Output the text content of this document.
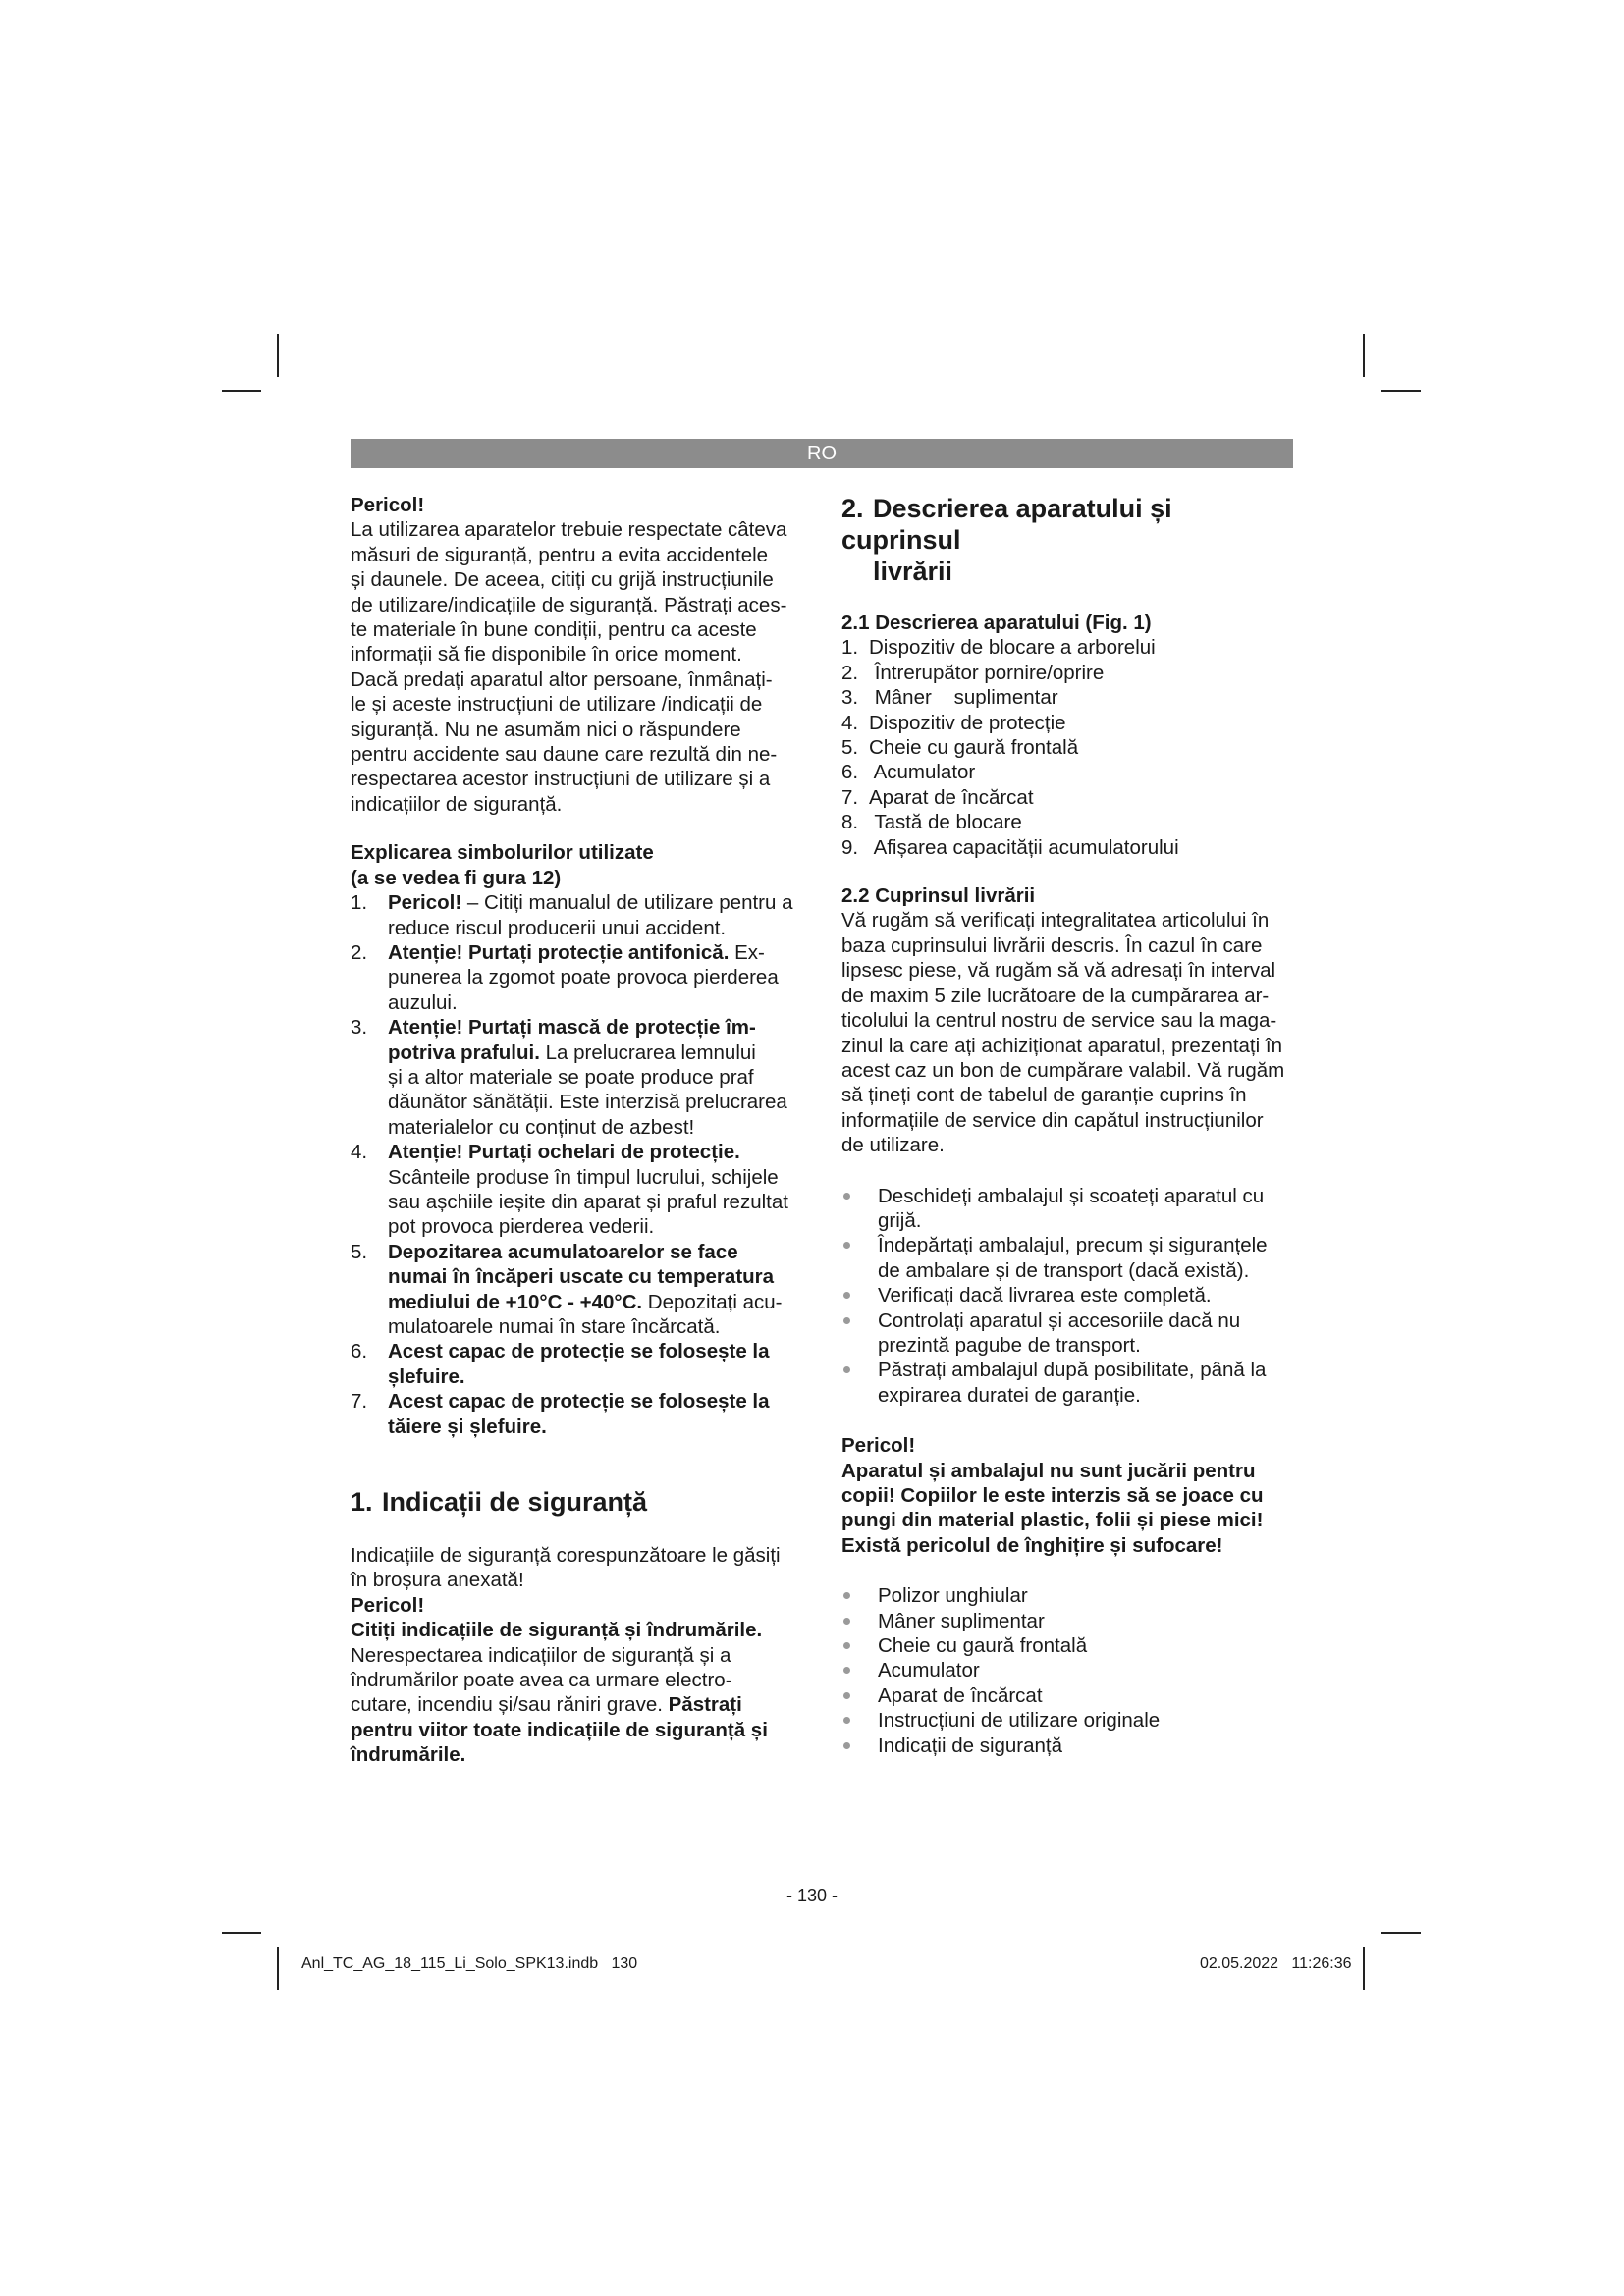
RO

Pericol!

La utilizarea aparatelor trebuie respectate câteva

măsuri de siguranță, pentru a evita accidentele

și daunele. De aceea, citiți cu grijă instrucțiunile

de utilizare/indicațiile de siguranță. Păstrați aces-

te materiale în bune condiții, pentru ca aceste

informații să fie disponibile în orice moment.

Dacă predați aparatul altor persoane, înmânați-

le și aceste instrucțiuni de utilizare /indicații de

siguranță. Nu ne asumăm nici o răspundere

pentru accidente sau daune care rezultă din ne-

respectarea acestor instrucțiuni de utilizare și a

indicațiilor de siguranță.

Explicarea simbolurilor utilizate

(a se vedea fi gura 12)

1. Pericol! – Citiți manualul de utilizare pentru a
reduce riscul producerii unui accident.
2. Atenție! Purtați protecție antifonică. Ex-
punerea la zgomot poate provoca pierderea
auzului.
3. Atenție! Purtați mască de protecție îm-
potriva prafului. La prelucrarea lemnului
și a altor materiale se poate produce praf
dăunător sănătății. Este interzisă prelucrarea
materialelor cu conținut de azbest!
4. Atenție! Purtați ochelari de protecție.
Scânteile produse în timpul lucrului, schijele
sau așchiile ieșite din aparat și praful rezultat
pot provoca pierderea vederii.
5. Depozitarea acumulatoarelor se face
numai în încăperi uscate cu temperatura
mediului de +10°C - +40°C. Depozitați acu-
mulatoarele numai în stare încărcată.
6. Acest capac de protecție se folosește la
șlefuire.
7. Acest capac de protecție se folosește la
tăiere și șlefuire.
1. Indicații de siguranță

Indicațiile de siguranță corespunzătoare le găsiți

în broșura anexată!

Pericol!

Citiți indicațiile de siguranță și îndrumările.

Nerespectarea indicațiilor de siguranță și a

îndrumărilor poate avea ca urmare electro-

cutare, incendiu și/sau răniri grave. Păstrați

pentru viitor toate indicațiile de siguranță și

îndrumările.

2. Descrierea aparatului și cuprinsul
livrării

2.1 Descrierea aparatului (Fig. 1)

1. Dispozitiv de blocare a arborelui
2. Întrerupător pornire/oprire
3. Mâner    suplimentar
4. Dispozitiv de protecție
5. Cheie cu gaură frontală
6. Acumulator
7. Aparat de încărcat
8. Tastă de blocare
9. Afișarea capacității acumulatorului

2.2 Cuprinsul livrării

Vă rugăm să verificați integralitatea articolului în

baza cuprinsului livrării descris. În cazul în care

lipsesc piese, vă rugăm să vă adresați în interval

de maxim 5 zile lucrătoare de la cumpărarea ar-

ticolului la centrul nostru de service sau la maga-

zinul la care ați achiziționat aparatul, prezentați în

acest caz un bon de cumpărare valabil. Vă rugăm

să țineți cont de tabelul de garanție cuprins în

informațiile de service din capătul instrucțiunilor

de utilizare.

Deschideți ambalajul și scoateți aparatul cu
grijă.
Îndepărtați ambalajul, precum și siguranțele
de ambalare și de transport (dacă există).
Verificați dacă livrarea este completă.
Controlați aparatul și accesoriile dacă nu
prezintă pagube de transport.
Păstrați ambalajul după posibilitate, până la
expirarea duratei de garanție.

Pericol!

Aparatul și ambalajul nu sunt jucării pentru

copii! Copiilor le este interzis să se joace cu

pungi din material plastic, folii și piese mici!

Există pericolul de înghițire și sufocare!

Polizor unghiular
Mâner suplimentar
Cheie cu gaură frontală
Acumulator
Aparat de încărcat
Instrucțiuni de utilizare originale
Indicații de siguranță
- 130 -
Anl_TC_AG_18_115_Li_Solo_SPK13.indb   130	02.05.2022   11:26:36
